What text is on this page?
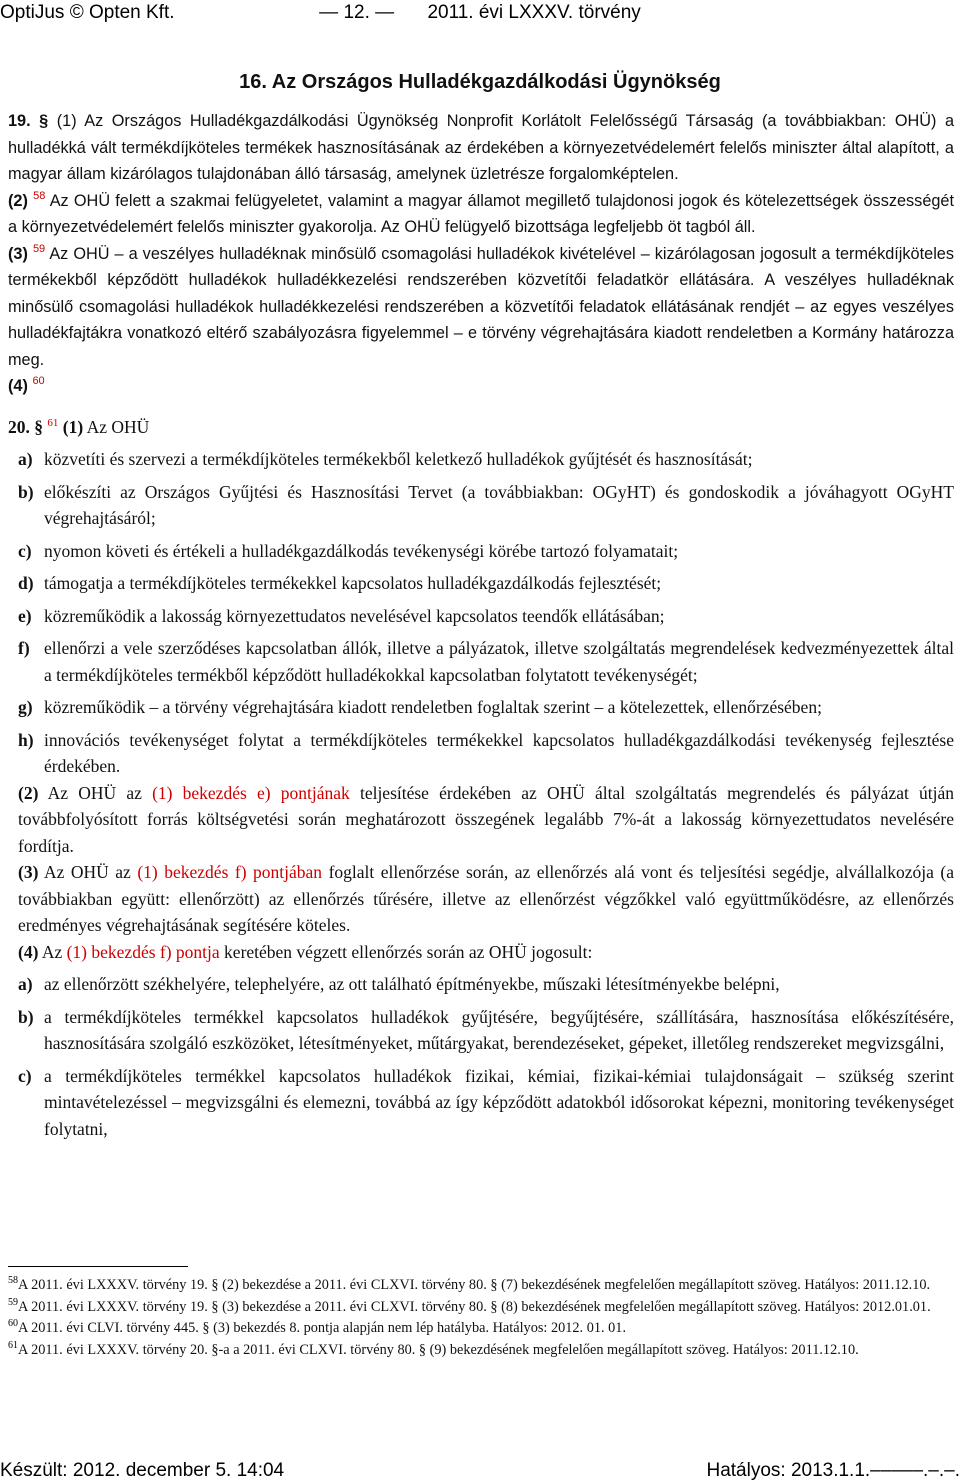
OptiJus © Opten Kft.	— 12. — 2011. évi LXXXV. törvény
16. Az Országos Hulladékgazdálkodási Ügynökség

19. § (1) Az Országos Hulladékgazdálkodási Ügynökség Nonprofit Korlátolt Felelősségű Társaság (a továbbiakban: OHÜ) a hulladékká vált termékdíjköteles termékek hasznosításának az érdekében a környezetvédelemért felelős miniszter által alapított, a magyar állam kizárólagos tulajdonában álló társaság, amelynek üzletrésze forgalomképtelen.

(2) $^{58}$ Az OHÜ felett a szakmai felügyeletet, valamint a magyar államot megillető tulajdonosi jogok és kötelezettségek összességét a környezetvédelemért felelős miniszter gyakorolja. Az OHÜ felügyelő bizottsága legfeljebb öt tagból áll.

(3) $^{59}$ Az OHÜ – a veszélyes hulladéknak minősülő csomagolási hulladékok kivételével – kizárólagosan jogosult a termékdíjköteles termékekből képződött hulladékok hulladékkezelési rendszerében közvetítői feladatkör ellátására. A veszélyes hulladéknak minősülő csomagolási hulladékok hulladékkezelési rendszerében a közvetítői feladatok ellátásának rendjét – az egyes veszélyes hulladékfajtákra vonatkozó eltérő szabályozásra figyelemmel – e törvény végrehajtására kiadott rendeletben a Kormány határozza meg.

(4) $^{60}$

20. § $^{61}$ (1) Az OHÜ

a) közvetíti és szervezi a termékdíjköteles termékekből keletkező hulladékok gyűjtését és hasznosítását;
b) előkészíti az Országos Gyűjtési és Hasznosítási Tervet (a továbbiakban: OGyHT) és gondoskodik a jóváhagyott OGyHT végrehajtásáról;
c) nyomon követi és értékeli a hulladékgazdálkodás tevékenységi körébe tartozó folyamatait;
d) támogatja a termékdíjköteles termékekkel kapcsolatos hulladékgazdálkodás fejlesztését;
e) közreműködik a lakosság környezettudatos nevelésével kapcsolatos teendők ellátásában;
f) ellenőrzi a vele szerződéses kapcsolatban állók, illetve a pályázatok, illetve szolgáltatás megrendelések kedvezményezettek által a termékdíjköteles termékből képződött hulladékokkal kapcsolatban folytatott tevékenységét;
g) közreműködik – a törvény végrehajtására kiadott rendeletben foglaltak szerint – a kötelezettek, ellenőrzésében;
h) innovációs tevékenységet folytat a termékdíjköteles termékekkel kapcsolatos hulladékgazdálkodási tevékenység fejlesztése érdekében.

(2) Az OHÜ az (1) bekezdés e) pontjának teljesítése érdekében az OHÜ által szolgáltatás megrendelés és pályázat útján továbbfolyósított forrás költségvetési során meghatározott összegének legalább 7%-át a lakosság környezettudatos nevelésére fordítja.

(3) Az OHÜ az (1) bekezdés f) pontjában foglalt ellenőrzése során, az ellenőrzés alá vont és teljesítési segédje, alvállalkozója (a továbbiakban együtt: ellenőrzött) az ellenőrzés tűrésére, illetve az ellenőrzést végzőkkel való együttműködésre, az ellenőrzés eredményes végrehajtásának segítésére köteles.

(4) Az (1) bekezdés f) pontja keretében végzett ellenőrzés során az OHÜ jogosult:

a) az ellenőrzött székhelyére, telephelyére, az ott található építményekbe, műszaki létesítményekbe belépni,
b) a termékdíjköteles termékkel kapcsolatos hulladékok gyűjtésére, begyűjtésére, szállítására, hasznosítása előkészítésére, hasznosítására szolgáló eszközöket, létesítményeket, műtárgyakat, berendezéseket, gépeket, illetőleg rendszereket megvizsgálni,
c) a termékdíjköteles termékkel kapcsolatos hulladékok fizikai, kémiai, fizikai-kémiai tulajdonságait – szükség szerint mintavételezéssel – megvizsgálni és elemezni, továbbá az így képződött adatokból idősorokat képezni, monitoring tevékenységet folytatni,

$^{58}$A 2011. évi LXXXV. törvény 19. § (2) bekezdése a 2011. évi CLXVI. törvény 80. § (7) bekezdésének megfelelően megállapított szöveg. Hatályos: 2011.12.10.

$^{59}$A 2011. évi LXXXV. törvény 19. § (3) bekezdése a 2011. évi CLXVI. törvény 80. § (8) bekezdésének megfelelően megállapított szöveg. Hatályos: 2012.01.01.

$^{60}$A 2011. évi CLVI. törvény 445. § (3) bekezdés 8. pontja alapján nem lép hatályba. Hatályos: 2012. 01. 01.

$^{61}$A 2011. évi LXXXV. törvény 20. §-a a 2011. évi CLXVI. törvény 80. § (9) bekezdésének megfelelően megállapított szöveg. Hatályos: 2011.12.10.

Készült: 2012. december 5. 14:04	Hatályos: 2013.1.1.–––––.–.–.
